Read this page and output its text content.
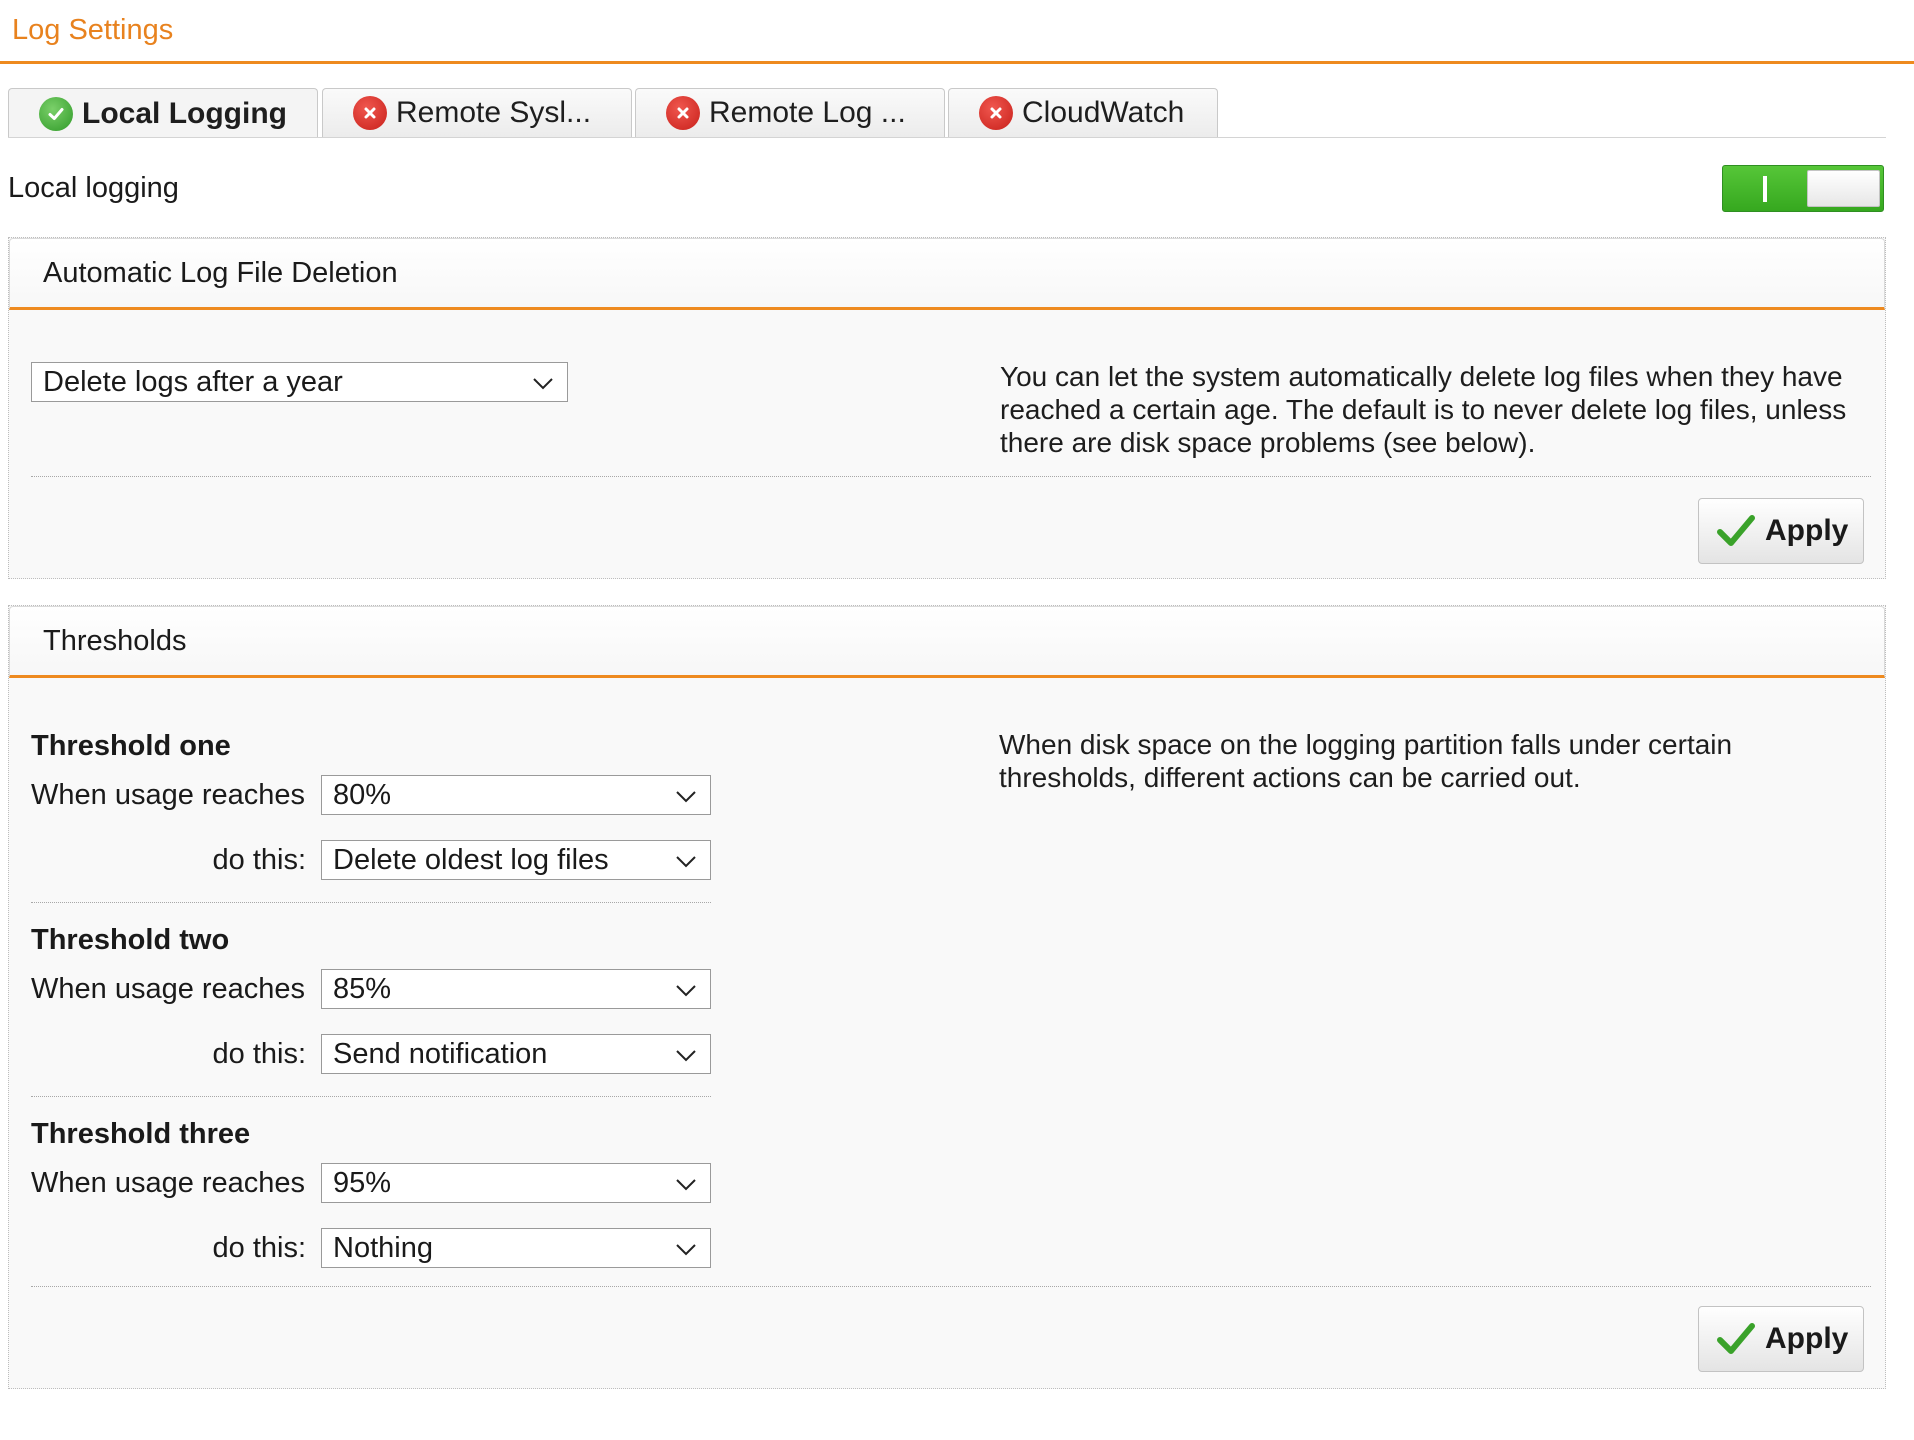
Log Settings
Local Logging	Remote Sysl...	Remote Log ...	CloudWatch
Local logging
Automatic Log File Deletion
Delete logs after a year	You can let the system automatically delete log files when they have reached a certain age. The default is to never delete log files, unless there are disk space problems (see below).
Apply
Thresholds
When disk space on the logging partition falls under certain thresholds, different actions can be carried out.
Threshold one
When usage reaches 80%
do this: Delete oldest log files
Threshold two
When usage reaches 85%
do this: Send notification
Threshold three
When usage reaches 95%
do this: Nothing
Apply
